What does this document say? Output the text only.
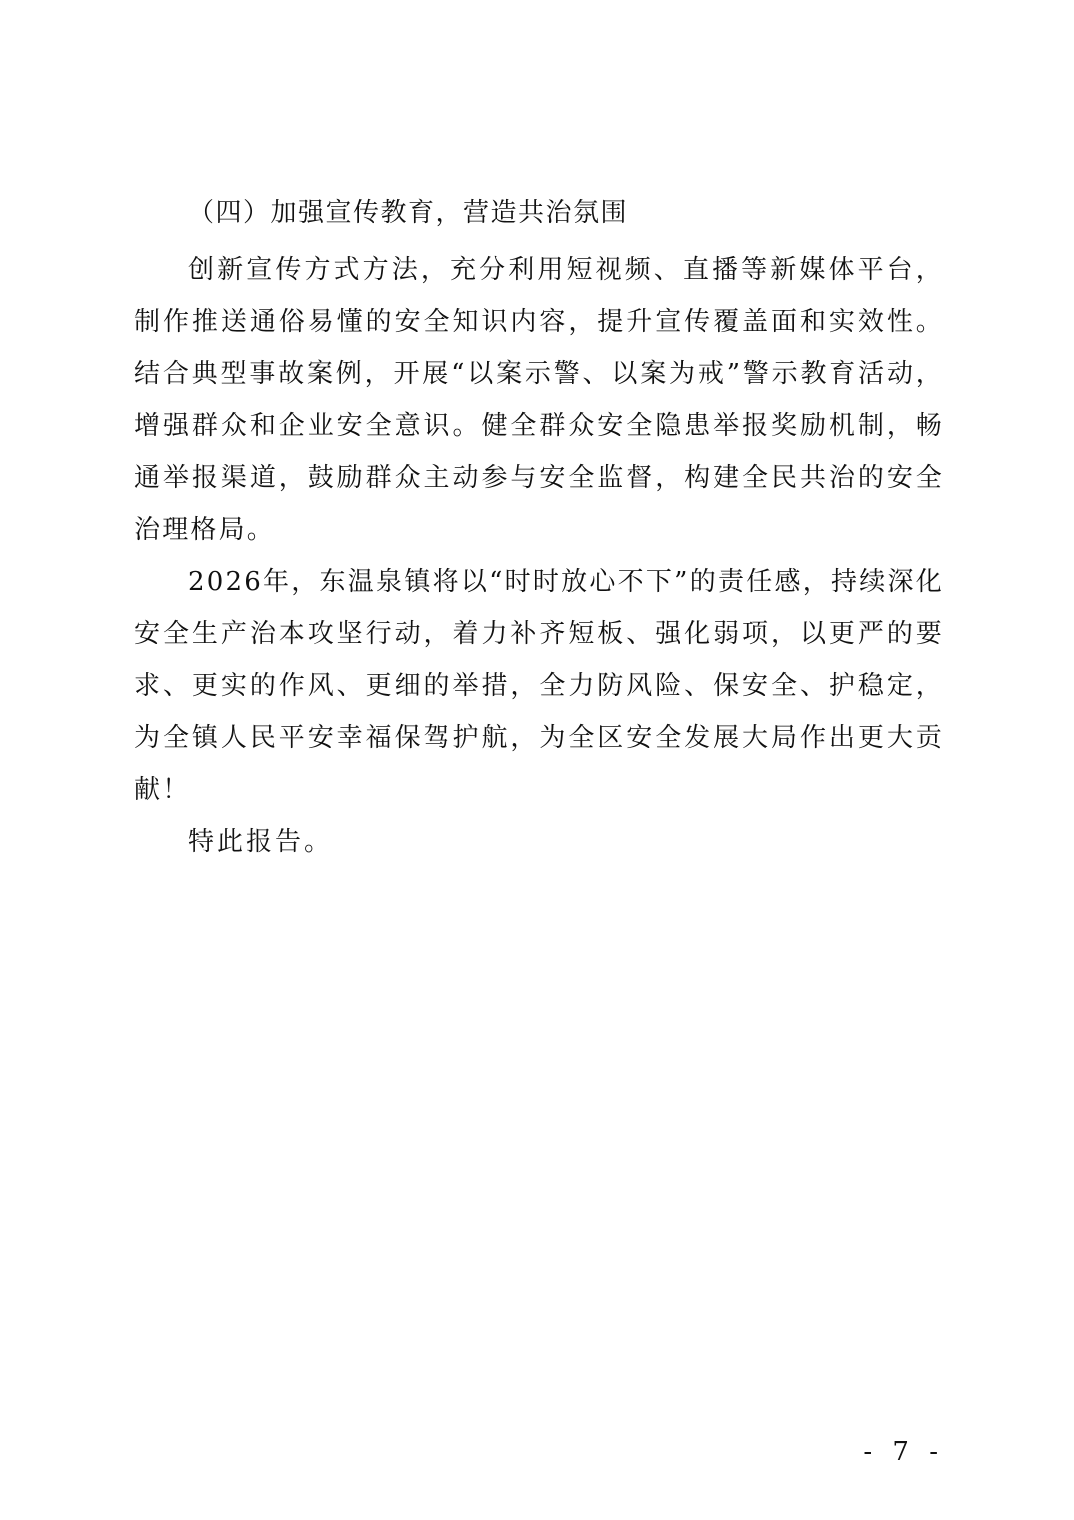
（四）加强宣传教育，营造共治氛围

创新宣传方式方法，充分利用短视频、直播等新媒体平台，制作推送通俗易懂的安全知识内容，提升宣传覆盖面和实效性。结合典型事故案例，开展“以案示警、以案为戒”警示教育活动，增强群众和企业安全意识。健全群众安全隐患举报奖励机制，畅通举报渠道，鼓励群众主动参与安全监督，构建全民共治的安全治理格局。

2026年，东温泉镇将以“时时放心不下”的责任感，持续深化安全生产治本攻坚行动，着力补齐短板、强化弱项，以更严的要求、更实的作风、更细的举措，全力防风险、保安全、护稳定，为全镇人民平安幸福保驾护航，为全区安全发展大局作出更大贡献！

特此报告。

- 7 -
